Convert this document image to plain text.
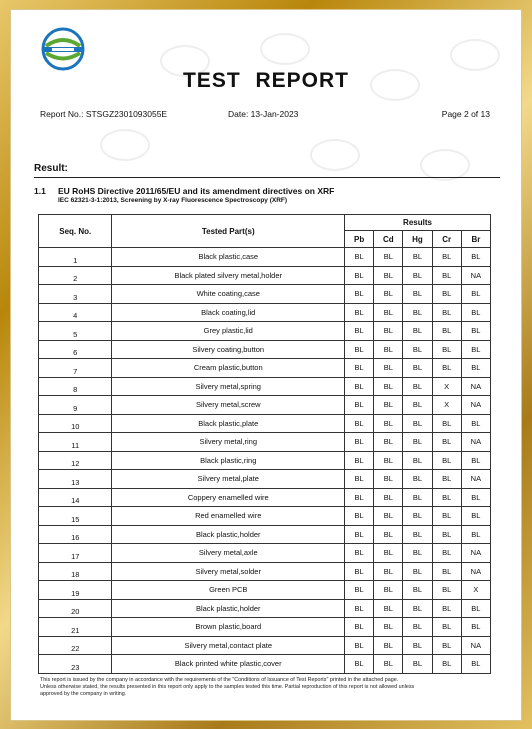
TEST REPORT
Report No.: STSGZ2301093055E	Date: 13-Jan-2023	Page 2 of 13
Result:
1.1 EU RoHS Directive 2011/65/EU and its amendment directives on XRF
IEC 62321-3-1:2013, Screening by X-ray Fluorescence Spectroscopy (XRF)
Seq. No.	Tested Part(s)	Results				
		Pb	Cd	Hg	Cr	Br
1	Black plastic,case	BL	BL	BL	BL	BL
2	Black plated silvery metal,holder	BL	BL	BL	BL	NA
3	White coating,case	BL	BL	BL	BL	BL
4	Black coating,lid	BL	BL	BL	BL	BL
5	Grey plastic,lid	BL	BL	BL	BL	BL
6	Silvery coating,button	BL	BL	BL	BL	BL
7	Cream plastic,button	BL	BL	BL	BL	BL
8	Silvery metal,spring	BL	BL	BL	X	NA
9	Silvery metal,screw	BL	BL	BL	X	NA
10	Black plastic,plate	BL	BL	BL	BL	BL
11	Silvery metal,ring	BL	BL	BL	BL	NA
12	Black plastic,ring	BL	BL	BL	BL	BL
13	Silvery metal,plate	BL	BL	BL	BL	NA
14	Coppery enamelled wire	BL	BL	BL	BL	BL
15	Red enamelled wire	BL	BL	BL	BL	BL
16	Black plastic,holder	BL	BL	BL	BL	BL
17	Silvery metal,axle	BL	BL	BL	BL	NA
18	Silvery metal,solder	BL	BL	BL	BL	NA
19	Green PCB	BL	BL	BL	BL	X
20	Black plastic,holder	BL	BL	BL	BL	BL
21	Brown plastic,board	BL	BL	BL	BL	BL
22	Silvery metal,contact plate	BL	BL	BL	BL	NA
23	Black printed white plastic,cover	BL	BL	BL	BL	BL
This report is issued by the company in accordance with the requirements of the "Conditions of Issuance of Test Reports" printed in the attached page.
Unless otherwise stated, the results presented in this report only apply to the samples tested this time. Partial reproduction of this report is not allowed unless
approved by the company in writing.
